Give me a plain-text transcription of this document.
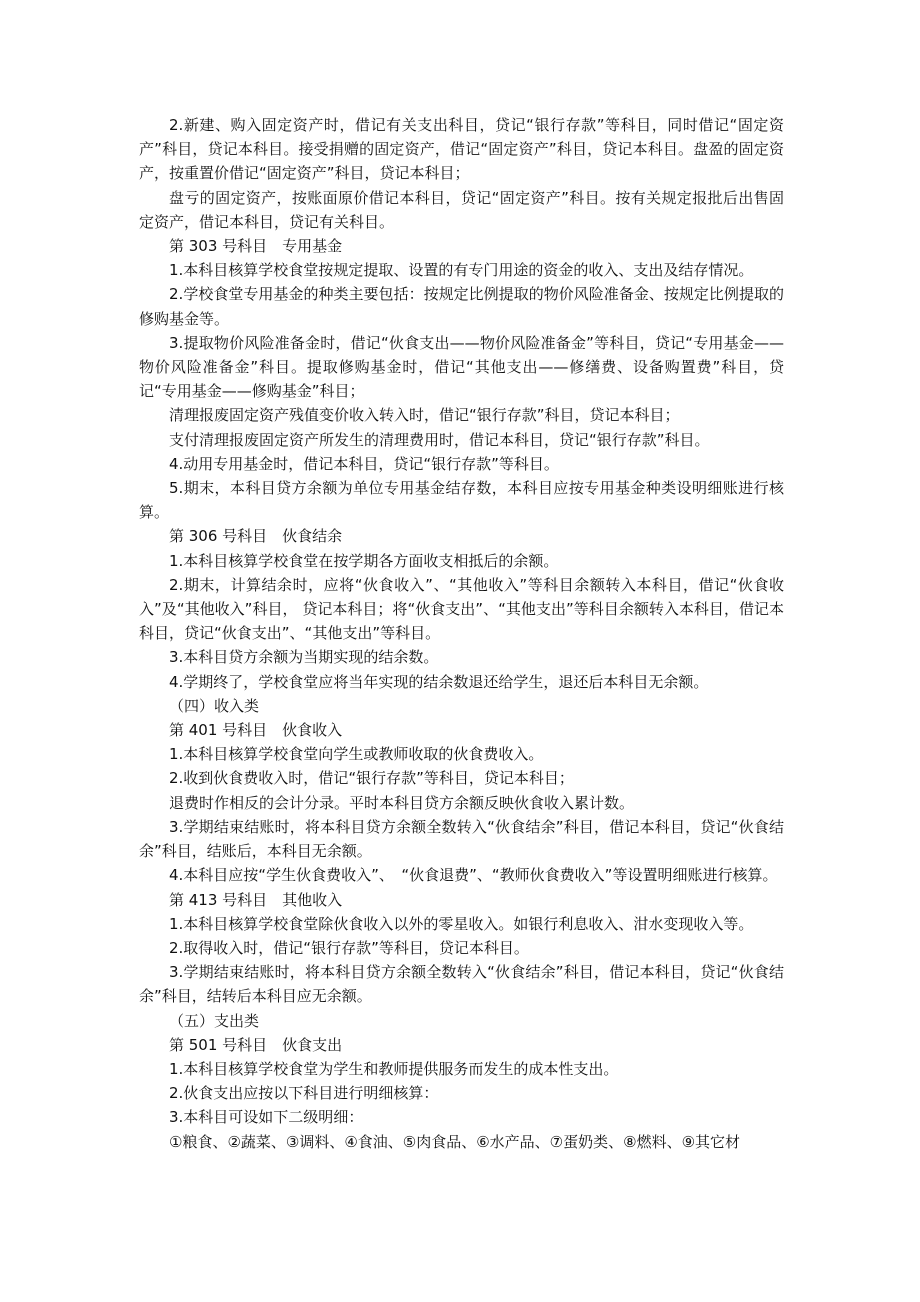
2.新建、购入固定资产时，借记有关支出科目，贷记“银行存款”等科目，同时借记“固定资产”科目，贷记本科目。接受捐赠的固定资产，借记“固定资产”科目，贷记本科目。盘盈的固定资产，按重置价借记“固定资产”科目，贷记本科目；

盘亏的固定资产，按账面原价借记本科目，贷记“固定资产”科目。按有关规定报批后出售固定资产，借记本科目，贷记有关科目。

第 303 号科目　专用基金

1.本科目核算学校食堂按规定提取、设置的有专门用途的资金的收入、支出及结存情况。

2.学校食堂专用基金的种类主要包括：按规定比例提取的物价风险准备金、按规定比例提取的修购基金等。

3.提取物价风险准备金时，借记“伙食支出——物价风险准备金”等科目，贷记“专用基金——物价风险准备金”科目。提取修购基金时，借记“其他支出——修缮费、设备购置费”科目，贷记“专用基金——修购基金”科目；

清理报废固定资产残值变价收入转入时，借记“银行存款”科目，贷记本科目；

支付清理报废固定资产所发生的清理费用时，借记本科目，贷记“银行存款”科目。

4.动用专用基金时，借记本科目，贷记“银行存款”等科目。

5.期末，本科目贷方余额为单位专用基金结存数，本科目应按专用基金种类设明细账进行核算。

第 306 号科目　伙食结余

1.本科目核算学校食堂在按学期各方面收支相抵后的余额。

2.期末，计算结余时，应将“伙食收入”、“其他收入”等科目余额转入本科目，借记“伙食收入”及“其他收入”科目， 贷记本科目；将“伙食支出”、“其他支出”等科目余额转入本科目，借记本科目，贷记“伙食支出”、“其他支出”等科目。

3.本科目贷方余额为当期实现的结余数。

4.学期终了，学校食堂应将当年实现的结余数退还给学生，退还后本科目无余额。

（四）收入类

第 401 号科目　伙食收入

1.本科目核算学校食堂向学生或教师收取的伙食费收入。

2.收到伙食费收入时，借记“银行存款”等科目，贷记本科目；

退费时作相反的会计分录。平时本科目贷方余额反映伙食收入累计数。

3.学期结束结账时，将本科目贷方余额全数转入“伙食结余”科目，借记本科目，贷记“伙食结余”科目，结账后，本科目无余额。

4.本科目应按“学生伙食费收入”、　“伙食退费”、“教师伙食费收入”等设置明细账进行核算。

第 413 号科目　其他收入

1.本科目核算学校食堂除伙食收入以外的零星收入。如银行利息收入、泔水变现收入等。

2.取得收入时，借记“银行存款”等科目，贷记本科目。

3.学期结束结账时，将本科目贷方余额全数转入“伙食结余”科目，借记本科目，贷记“伙食结余”科目，结转后本科目应无余额。

（五）支出类

第 501 号科目　伙食支出

1.本科目核算学校食堂为学生和教师提供服务而发生的成本性支出。

2.伙食支出应按以下科目进行明细核算：

3.本科目可设如下二级明细：

①粮食、②蔬菜、③调料、④食油、⑤肉食品、⑥水产品、⑦蛋奶类、⑧燃料、⑨其它材
